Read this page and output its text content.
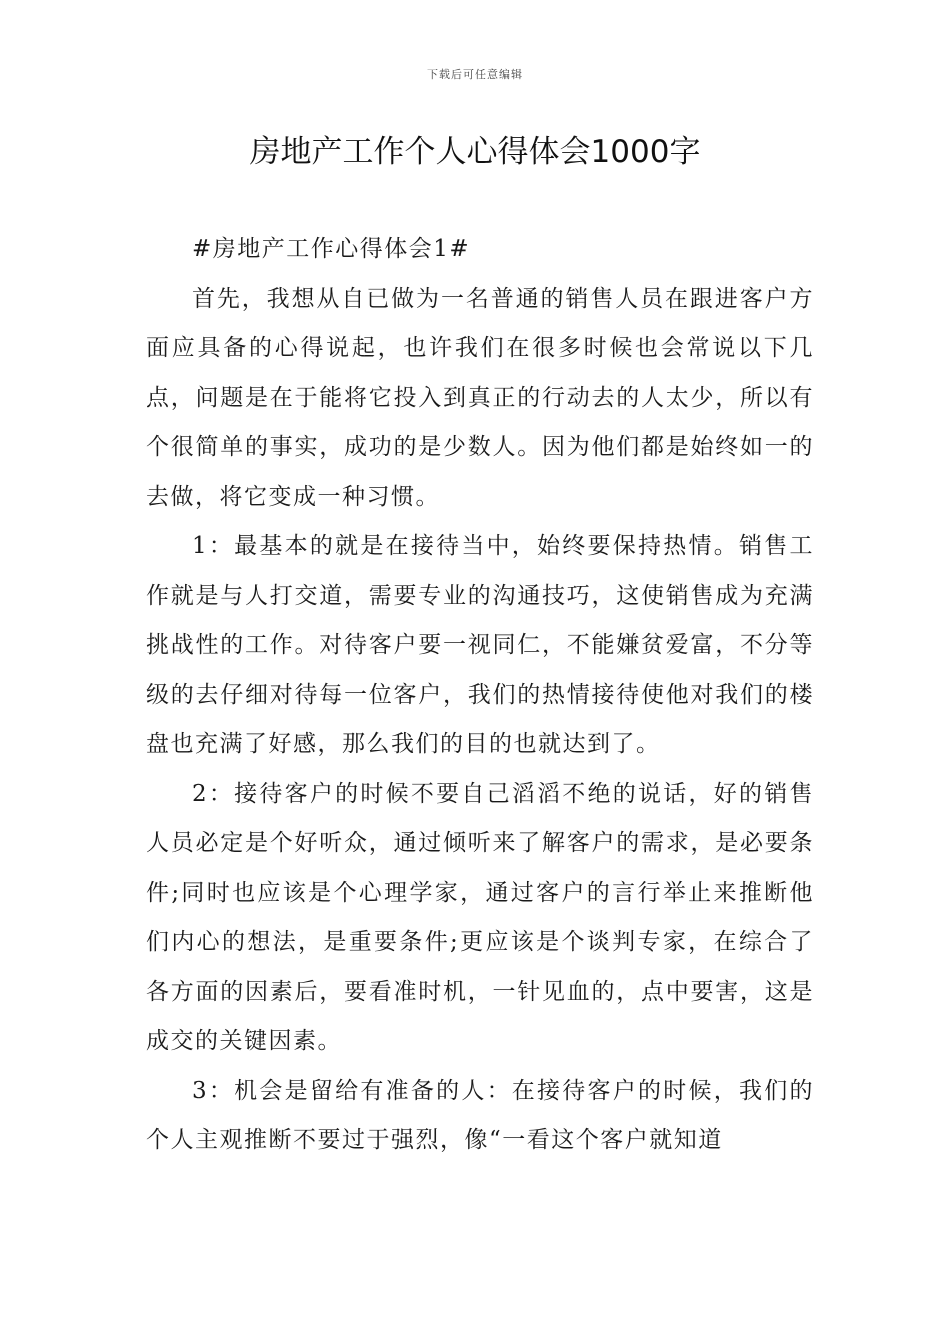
下载后可任意编辑
房地产工作个人心得体会1000字

#房地产工作心得体会1#

首先，我想从自已做为一名普通的销售人员在跟进客户方面应具备的心得说起，也许我们在很多时候也会常说以下几点，问题是在于能将它投入到真正的行动去的人太少，所以有个很简单的事实，成功的是少数人。因为他们都是始终如一的去做，将它变成一种习惯。

1：最基本的就是在接待当中，始终要保持热情。销售工作就是与人打交道，需要专业的沟通技巧，这使销售成为充满挑战性的工作。对待客户要一视同仁，不能嫌贫爱富，不分等级的去仔细对待每一位客户，我们的热情接待使他对我们的楼盘也充满了好感，那么我们的目的也就达到了。

2：接待客户的时候不要自己滔滔不绝的说话，好的销售人员必定是个好听众，通过倾听来了解客户的需求，是必要条件;同时也应该是个心理学家，通过客户的言行举止来推断他们内心的想法，是重要条件;更应该是个谈判专家，在综合了各方面的因素后，要看准时机，一针见血的，点中要害，这是成交的关键因素。

3：机会是留给有准备的人：在接待客户的时候，我们的个人主观推断不要过于强烈，像“一看这个客户就知道
